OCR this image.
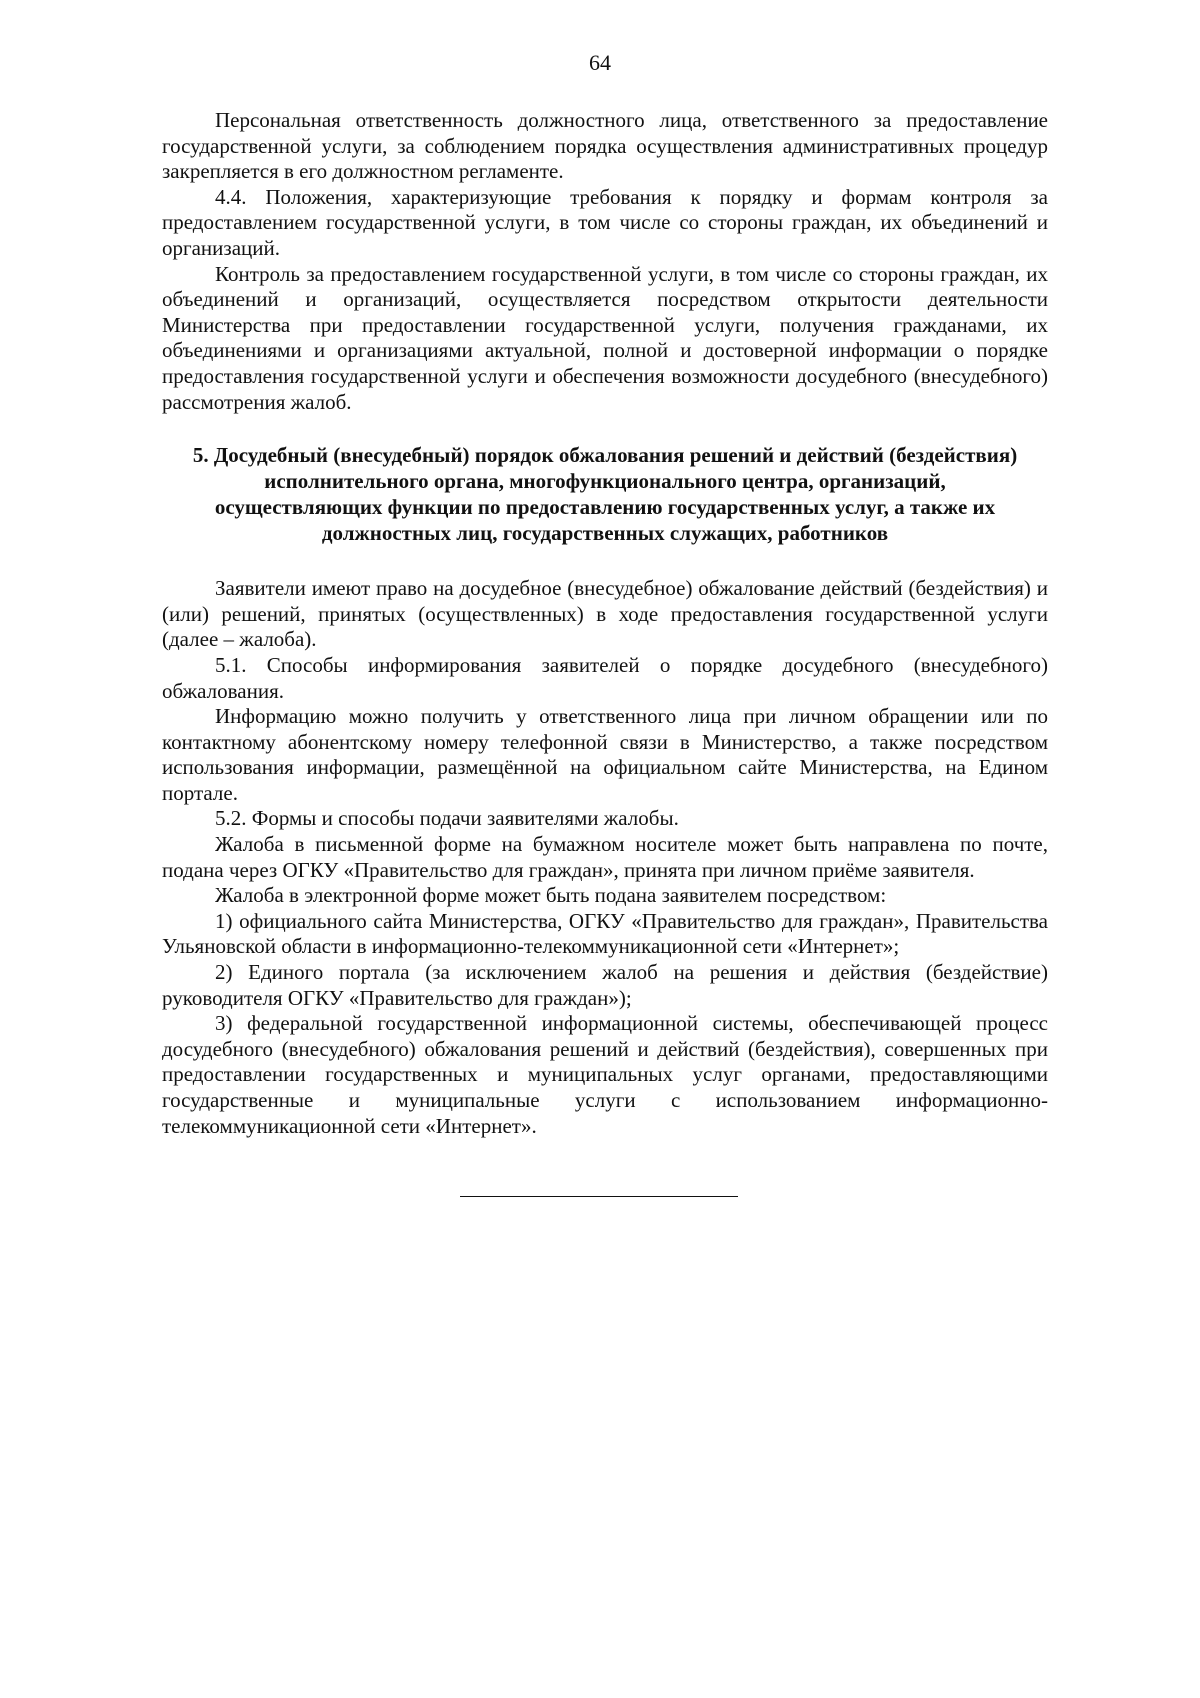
64

Персональная ответственность должностного лица, ответственного за предоставление государственной услуги, за соблюдением порядка осуществления административных процедур закрепляется в его должностном регламенте.

4.4. Положения, характеризующие требования к порядку и формам контроля за предоставлением государственной услуги, в том числе со стороны граждан, их объединений и организаций.

Контроль за предоставлением государственной услуги, в том числе со стороны граждан, их объединений и организаций, осуществляется посредством открытости деятельности Министерства при предоставлении государственной услуги, получения гражданами, их объединениями и организациями актуальной, полной и достоверной информации о порядке предоставления государственной услуги и обеспечения возможности досудебного (внесудебного) рассмотрения жалоб.

5. Досудебный (внесудебный) порядок обжалования решений и действий (бездействия)
исполнительного органа, многофункционального центра, организаций,
осуществляющих функции по предоставлению государственных услуг, а также их
должностных лиц, государственных служащих, работников

Заявители имеют право на досудебное (внесудебное) обжалование действий (бездействия) и (или) решений, принятых (осуществленных) в ходе предоставления государственной услуги (далее – жалоба).

5.1. Способы информирования заявителей о порядке досудебного (внесудебного) обжалования.

Информацию можно получить у ответственного лица при личном обращении или по контактному абонентскому номеру телефонной связи в Министерство, а также посредством использования информации, размещённой на официальном сайте Министерства, на Едином портале.

5.2. Формы и способы подачи заявителями жалобы.

Жалоба в письменной форме на бумажном носителе может быть направлена по почте, подана через ОГКУ «Правительство для граждан», принята при личном приёме заявителя.

Жалоба в электронной форме может быть подана заявителем посредством:

1) официального сайта Министерства, ОГКУ «Правительство для граждан», Правительства Ульяновской области в информационно-телекоммуникационной сети «Интернет»;

2) Единого портала (за исключением жалоб на решения и действия (бездействие) руководителя ОГКУ «Правительство для граждан»);

3) федеральной государственной информационной системы, обеспечивающей процесс досудебного (внесудебного) обжалования решений и действий (бездействия), совершенных при предоставлении государственных и муниципальных услуг органами, предоставляющими государственные и муниципальные услуги с использованием информационно-телекоммуникационной сети «Интернет».
